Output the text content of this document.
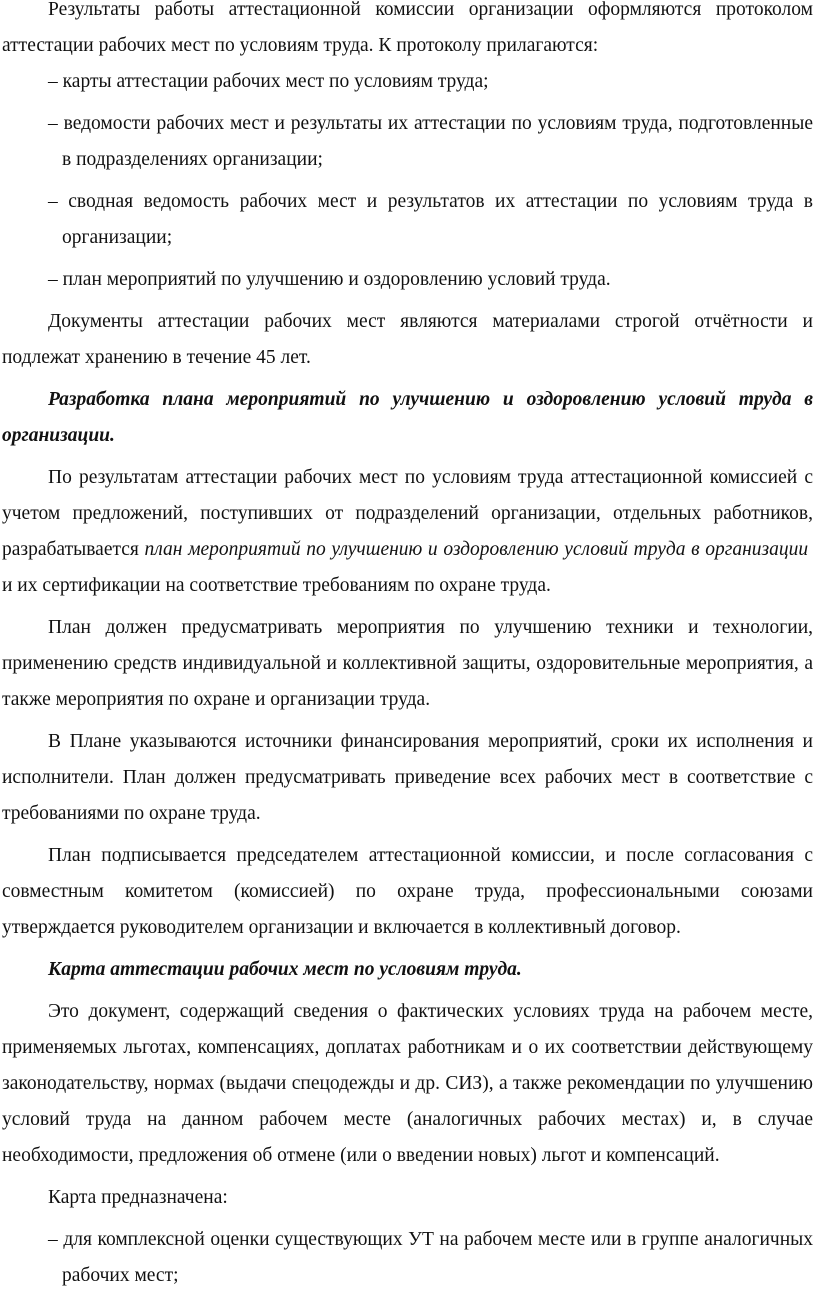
Результаты работы аттестационной комиссии организации оформляются протоколом аттестации рабочих мест по условиям труда. К протоколу прилагаются:

– карты аттестации рабочих мест по условиям труда;

– ведомости рабочих мест и результаты их аттестации по условиям труда, подготовленные в подразделениях организации;

– сводная ведомость рабочих мест и результатов их аттестации по условиям труда в организации;

– план мероприятий по улучшению и оздоровлению условий труда.

Документы аттестации рабочих мест являются материалами строгой отчётности и подлежат хранению в течение 45 лет.

Разработка плана мероприятий по улучшению и оздоровлению условий труда в организации.

По результатам аттестации рабочих мест по условиям труда аттестационной комиссией с учетом предложений, поступивших от подразделений организации, отдельных работников, разрабатывается план мероприятий по улучшению и оздоровлению условий труда в организации  и их сертификации на соответствие требованиям по охране труда.

План должен предусматривать мероприятия по улучшению техники и технологии, применению средств индивидуальной и коллективной защиты, оздоровительные мероприятия, а также мероприятия по охране и организации труда.

В Плане указываются источники финансирования мероприятий, сроки их исполнения и исполнители. План должен предусматривать приведение всех рабочих мест в соответствие с требованиями по охране труда.

План подписывается председателем аттестационной комиссии, и после согласования с совместным комитетом (комиссией) по охране труда, профессиональными союзами утверждается руководителем организации и включается в коллективный договор.

Карта аттестации рабочих мест по условиям труда.

Это документ, содержащий сведения о фактических условиях труда на рабочем месте, применяемых льготах, компенсациях, доплатах работникам и о их соответствии действующему законодательству, нормах (выдачи спецодежды и др. СИЗ), а также рекомендации по улучшению условий труда на данном рабочем месте (аналогичных рабочих местах) и, в случае необходимости, предложения об отмене (или о введении новых) льгот и компенсаций.

Карта предназначена:

– для комплексной оценки существующих УТ на рабочем месте или в группе аналогичных рабочих мест;
